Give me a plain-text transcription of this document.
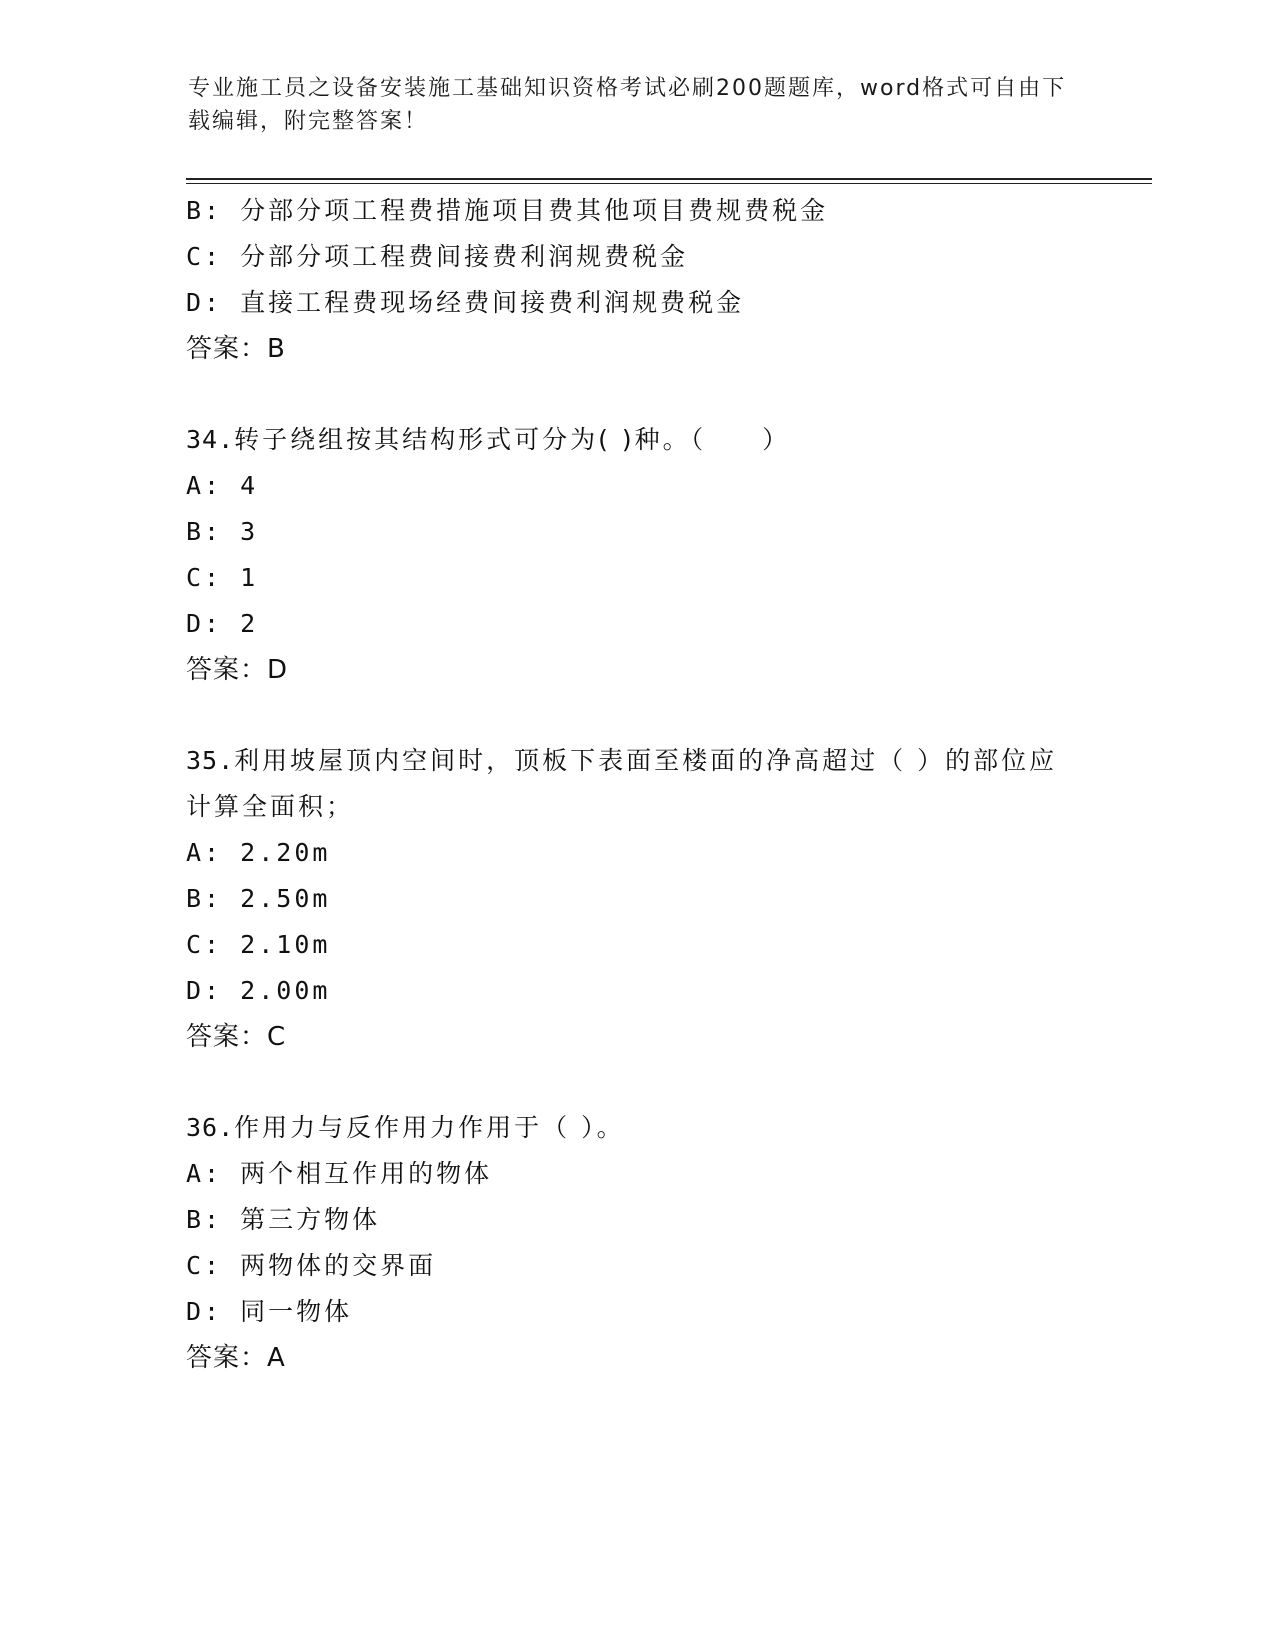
专业施工员之设备安装施工基础知识资格考试必刷200题题库，word格式可自由下载编辑，附完整答案！
B: 分部分项工程费措施项目费其他项目费规费税金
C: 分部分项工程费间接费利润规费税金
D: 直接工程费现场经费间接费利润规费税金
答案：B
34.转子绕组按其结构形式可分为( )种。（　　）
A: 4
B: 3
C: 1
D: 2
答案：D
35.利用坡屋顶内空间时，顶板下表面至楼面的净高超过（ ）的部位应计算全面积；
A: 2.20m
B: 2.50m
C: 2.10m
D: 2.00m
答案：C
36.作用力与反作用力作用于（ ）。
A: 两个相互作用的物体
B: 第三方物体
C: 两物体的交界面
D: 同一物体
答案：A
